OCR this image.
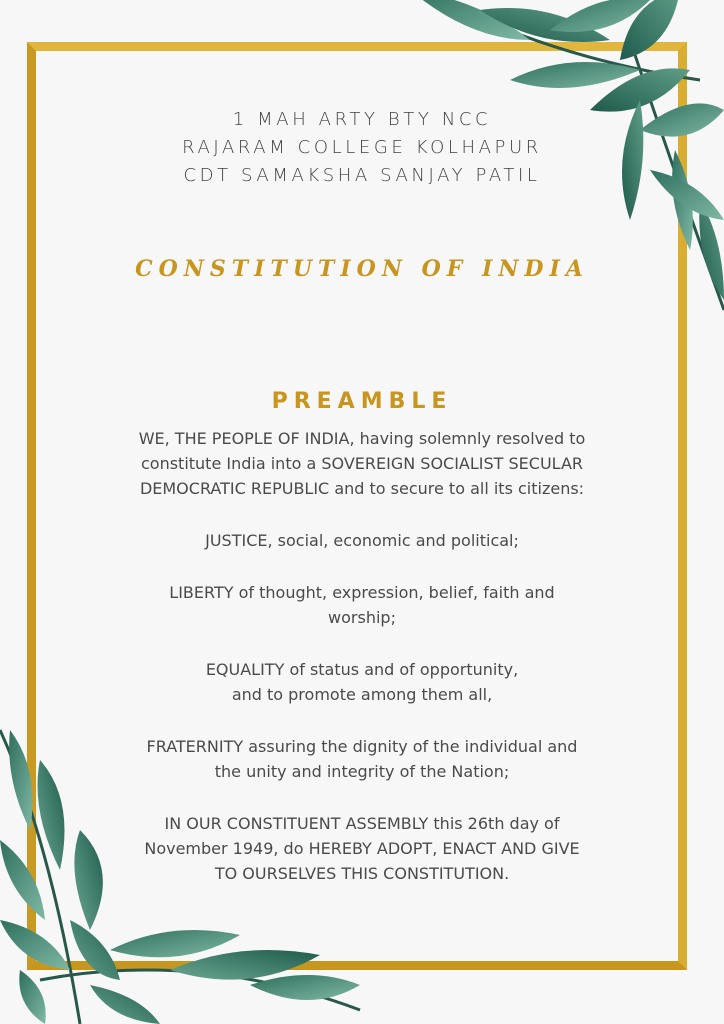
1 MAH ARTY BTY NCC
RAJARAM COLLEGE KOLHAPUR
CDT SAMAKSHA SANJAY PATIL
CONSTITUTION OF INDIA
PREAMBLE

WE, THE PEOPLE OF INDIA, having solemnly resolved to
constitute India into a SOVEREIGN SOCIALIST SECULAR
DEMOCRATIC REPUBLIC and to secure to all its citizens:

JUSTICE, social, economic and political;

LIBERTY of thought, expression, belief, faith and
worship;

EQUALITY of status and of opportunity,
and to promote among them all,

FRATERNITY assuring the dignity of the individual and
the unity and integrity of the Nation;

IN OUR CONSTITUENT ASSEMBLY this 26th day of
November 1949, do HEREBY ADOPT, ENACT AND GIVE
TO OURSELVES THIS CONSTITUTION.
